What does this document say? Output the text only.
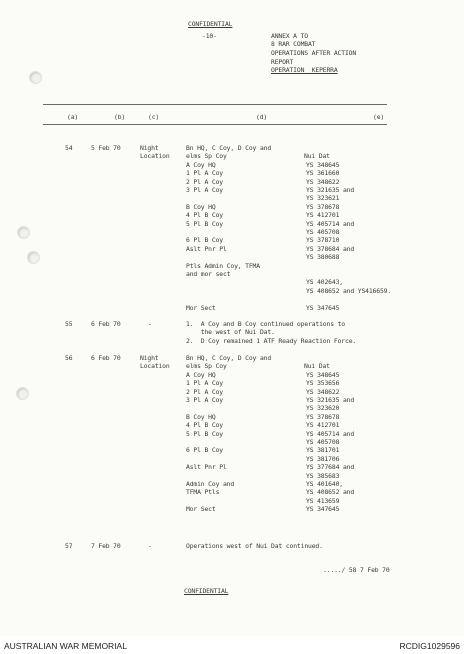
CONFIDENTIAL
-10-	ANNEX A TO
8 RAR COMBAT
OPERATIONS AFTER ACTION
REPORT
OPERATION  KEPERRA
(a)	(b)	(c)	(d)	(e)
54	5 Feb 70	Night
Location
Bn HQ, C Coy, D Coy and
elms Sp Coy	Nui Dat
A Coy HQ	YS 348645
1 Pl A Coy	YS 361660
2 Pl A Coy	YS 348622
3 Pl A Coy	YS 321635 and
YS 323621
B Coy HQ	YS 378678
4 Pl B Coy	YS 412701
5 Pl B Coy	YS 405714 and
YS 405708
6 Pl B Coy	YS 378710
Aslt Pnr Pl	YS 378684 and
YS 380688
Ptls Admin Coy, TFMA
and mor sect
YS 402643,
YS 408652 and YS416659.
Mor Sect	YS 347645
55	6 Feb 70	-	1.  A Coy and B Coy continued operations to
the west of Nui Dat.
2.  D Coy remained 1 ATF Ready Reaction Force.
56	6 Feb 70	Night
Location
Bn HQ, C Coy, D Coy and
elms Sp Coy	Nui Dat
A Coy HQ	YS 348645
1 Pl A Coy	YS 353656
2 Pl A Coy	YS 348622
3 Pl A Coy	YS 321635 and
YS 323620
B Coy HQ	YS 378678
4 Pl B Coy	YS 412701
5 Pl B Coy	YS 405714 and
YS 405708
6 Pl B Coy	YS 381701
YS 381706
Aslt Pnr Pl	YS 377684 and
YS 385683
Admin Coy and	YS 401640,
TFMA Ptls	YS 408652 and
YS 413659
Mor Sect	YS 347645
57	7 Feb 70	-	Operations west of Nui Dat continued.
...../ 58 7 Feb 70
CONFIDENTIAL
AUSTRALIAN WAR MEMORIAL	RCDIG1029596
